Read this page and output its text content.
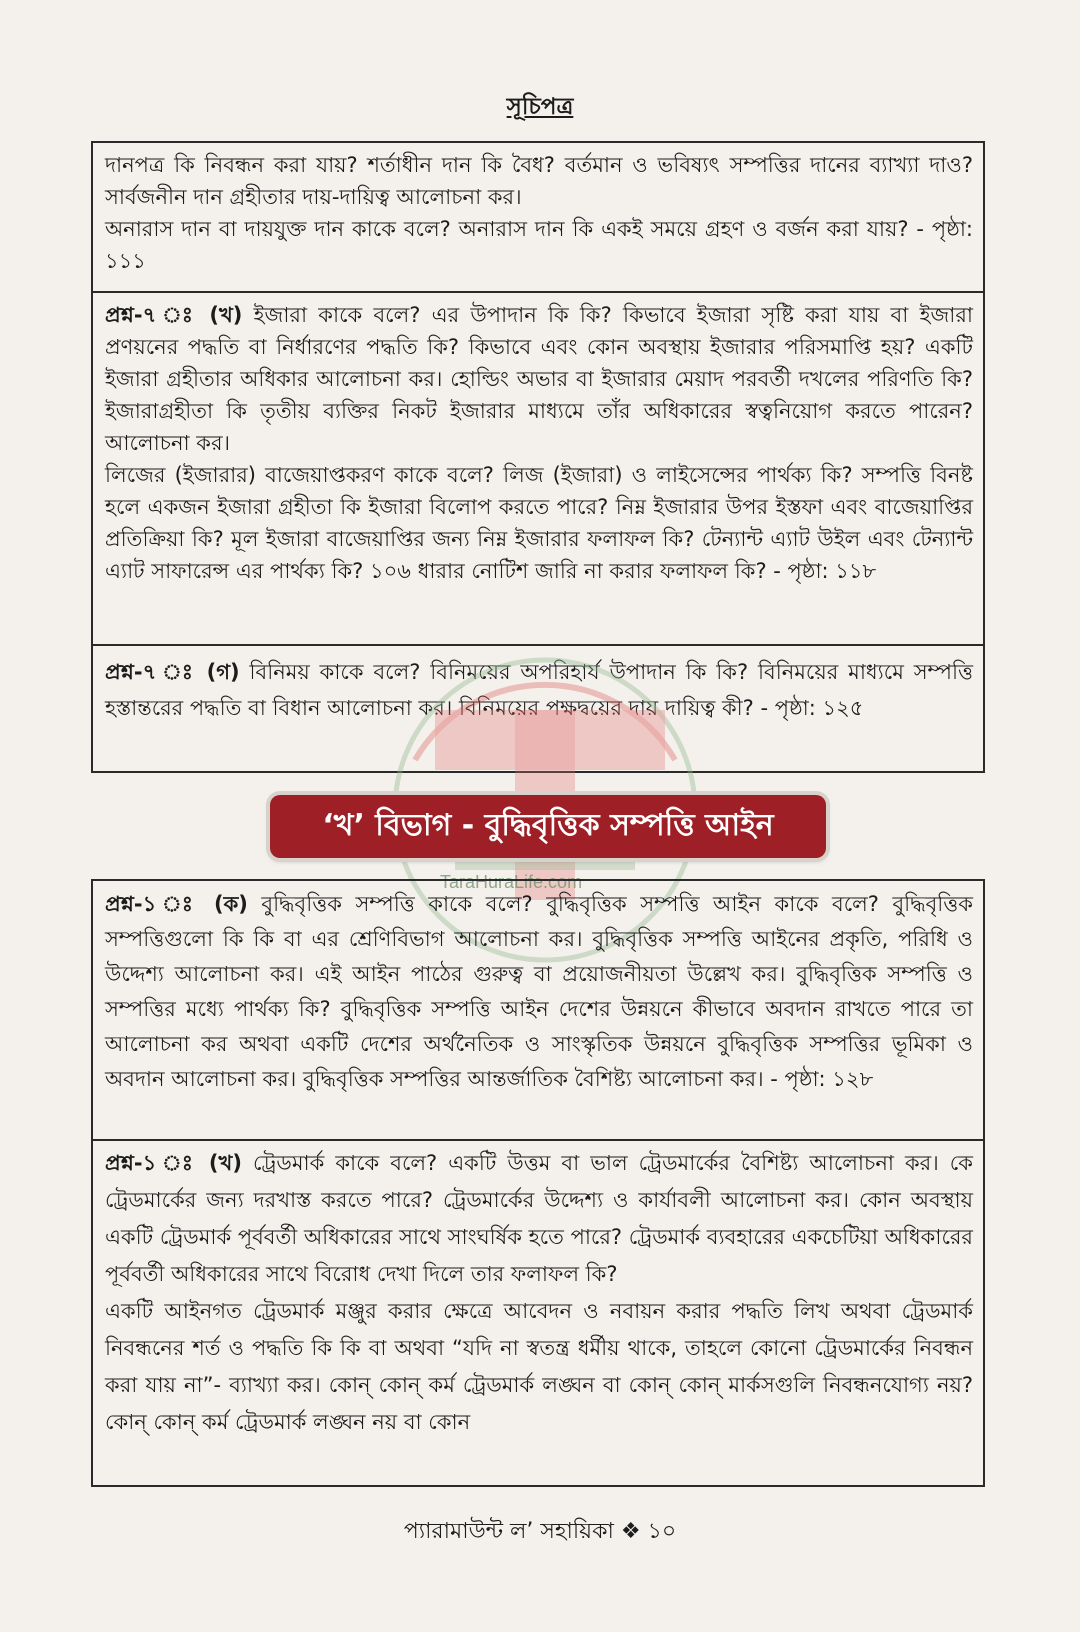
সূচিপত্র

দানপত্র কি নিবন্ধন করা যায়? শর্তাধীন দান কি বৈধ? বর্তমান ও ভবিষ্যৎ সম্পত্তির দানের ব্যাখ্যা দাও? সার্বজনীন দান গ্রহীতার দায়-দায়িত্ব আলোচনা কর।

অনারাস দান বা দায়যুক্ত দান কাকে বলে? অনারাস দান কি একই সময়ে গ্রহণ ও বর্জন করা যায়? - পৃষ্ঠা: ১১১

প্রশ্ন-৭ ঃ (খ) ইজারা কাকে বলে? এর উপাদান কি কি? কিভাবে ইজারা সৃষ্টি করা যায় বা ইজারা প্রণয়নের পদ্ধতি বা নির্ধারণের পদ্ধতি কি? কিভাবে এবং কোন অবস্থায় ইজারার পরিসমাপ্তি হয়? একটি ইজারা গ্রহীতার অধিকার আলোচনা কর। হোল্ডিং অভার বা ইজারার মেয়াদ পরবর্তী দখলের পরিণতি কি? ইজারাগ্রহীতা কি তৃতীয় ব্যক্তির নিকট ইজারার মাধ্যমে তাঁর অধিকারের স্বত্বনিয়োগ করতে পারেন? আলোচনা কর।

লিজের (ইজারার) বাজেয়াপ্তকরণ কাকে বলে? লিজ (ইজারা) ও লাইসেন্সের পার্থক্য কি? সম্পত্তি বিনষ্ট হলে একজন ইজারা গ্রহীতা কি ইজারা বিলোপ করতে পারে? নিম্ন ইজারার উপর ইস্তফা এবং বাজেয়াপ্তির প্রতিক্রিয়া কি? মূল ইজারা বাজেয়াপ্তির জন্য নিম্ন ইজারার ফলাফল কি? টেন্যান্ট এ্যাট উইল এবং টেন্যান্ট এ্যাট সাফারেন্স এর পার্থক্য কি? ১০৬ ধারার নোটিশ জারি না করার ফলাফল কি? - পৃষ্ঠা: ১১৮

প্রশ্ন-৭ ঃ (গ) বিনিময় কাকে বলে? বিনিময়ের অপরিহার্য উপাদান কি কি? বিনিময়ের মাধ্যমে সম্পত্তি হস্তান্তরের পদ্ধতি বা বিধান আলোচনা কর। বিনিময়ের পক্ষদ্বয়ের দায় দায়িত্ব কী? - পৃষ্ঠা: ১২৫

‘খ’ বিভাগ - বুদ্ধিবৃত্তিক সম্পত্তি আইন
TaraHuraLife.com

প্রশ্ন-১ ঃ (ক) বুদ্ধিবৃত্তিক সম্পত্তি কাকে বলে? বুদ্ধিবৃত্তিক সম্পত্তি আইন কাকে বলে? বুদ্ধিবৃত্তিক সম্পত্তিগুলো কি কি বা এর শ্রেণিবিভাগ আলোচনা কর। বুদ্ধিবৃত্তিক সম্পত্তি আইনের প্রকৃতি, পরিধি ও উদ্দেশ্য আলোচনা কর। এই আইন পাঠের গুরুত্ব বা প্রয়োজনীয়তা উল্লেখ কর। বুদ্ধিবৃত্তিক সম্পত্তি ও সম্পত্তির মধ্যে পার্থক্য কি? বুদ্ধিবৃত্তিক সম্পত্তি আইন দেশের উন্নয়নে কীভাবে অবদান রাখতে পারে তা আলোচনা কর অথবা একটি দেশের অর্থনৈতিক ও সাংস্কৃতিক উন্নয়নে বুদ্ধিবৃত্তিক সম্পত্তির ভূমিকা ও অবদান আলোচনা কর। বুদ্ধিবৃত্তিক সম্পত্তির আন্তর্জাতিক বৈশিষ্ট্য আলোচনা কর। - পৃষ্ঠা: ১২৮

প্রশ্ন-১ ঃ (খ) ট্রেডমার্ক কাকে বলে? একটি উত্তম বা ভাল ট্রেডমার্কের বৈশিষ্ট্য আলোচনা কর। কে ট্রেডমার্কের জন্য দরখাস্ত করতে পারে? ট্রেডমার্কের উদ্দেশ্য ও কার্যাবলী আলোচনা কর। কোন অবস্থায় একটি ট্রেডমার্ক পূর্ববর্তী অধিকারের সাথে সাংঘর্ষিক হতে পারে? ট্রেডমার্ক ব্যবহারের একচেটিয়া অধিকারের পূর্ববর্তী অধিকারের সাথে বিরোধ দেখা দিলে তার ফলাফল কি?

একটি আইনগত ট্রেডমার্ক মঞ্জুর করার ক্ষেত্রে আবেদন ও নবায়ন করার পদ্ধতি লিখ অথবা ট্রেডমার্ক নিবন্ধনের শর্ত ও পদ্ধতি কি কি বা অথবা “যদি না স্বতন্ত্র ধর্মীয় থাকে, তাহলে কোনো ট্রেডমার্কের নিবন্ধন করা যায় না”- ব্যাখ্যা কর। কোন্ কোন্ কর্ম ট্রেডমার্ক লঙ্ঘন বা কোন্ কোন্ মার্কসগুলি নিবন্ধনযোগ্য নয়? কোন্ কোন্ কর্ম ট্রেডমার্ক লঙ্ঘন নয় বা কোন

প্যারামাউন্ট ল’ সহায়িকা ❖ ১০
